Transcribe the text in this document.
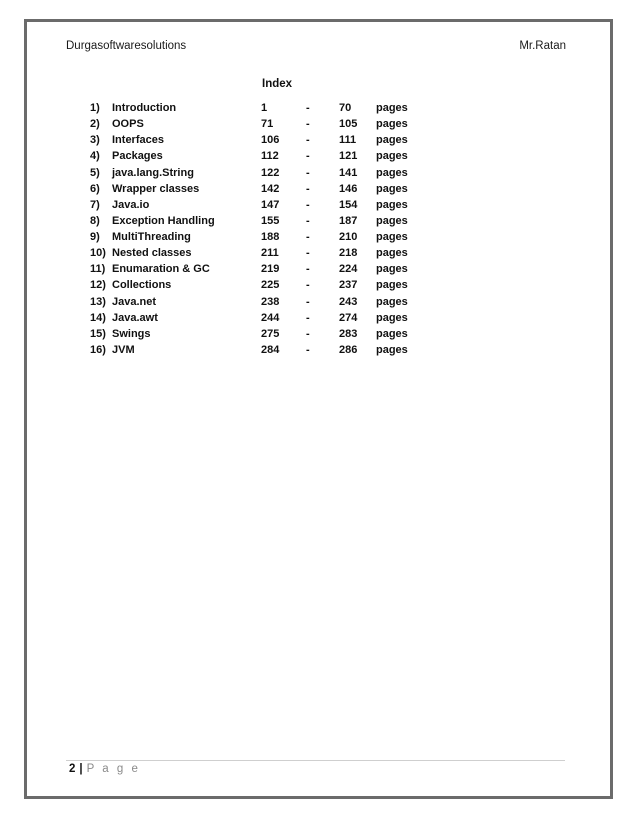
Durgasoftwaresolutions	Mr.Ratan
Index
1) Introduction	1	-	70 pages
2) OOPS	71	-	105 pages
3) Interfaces	106 -	111 pages
4) Packages	112 -	121 pages
5) java.lang.String	122 -	141 pages
6) Wrapper classes	142 -	146 pages
7) Java.io	147 -	154 pages
8) Exception Handling	155 -	187 pages
9) MultiThreading	188 -	210 pages
10) Nested classes	211 -	218 pages
11) Enumaration & GC	219 -	224 pages
12) Collections	225 -	237 pages
13) Java.net	238 -	243 pages
14) Java.awt	244 -	274 pages
15) Swings	275 -	283 pages
16) JVM	284 -	286 pages
2 | P a g e
